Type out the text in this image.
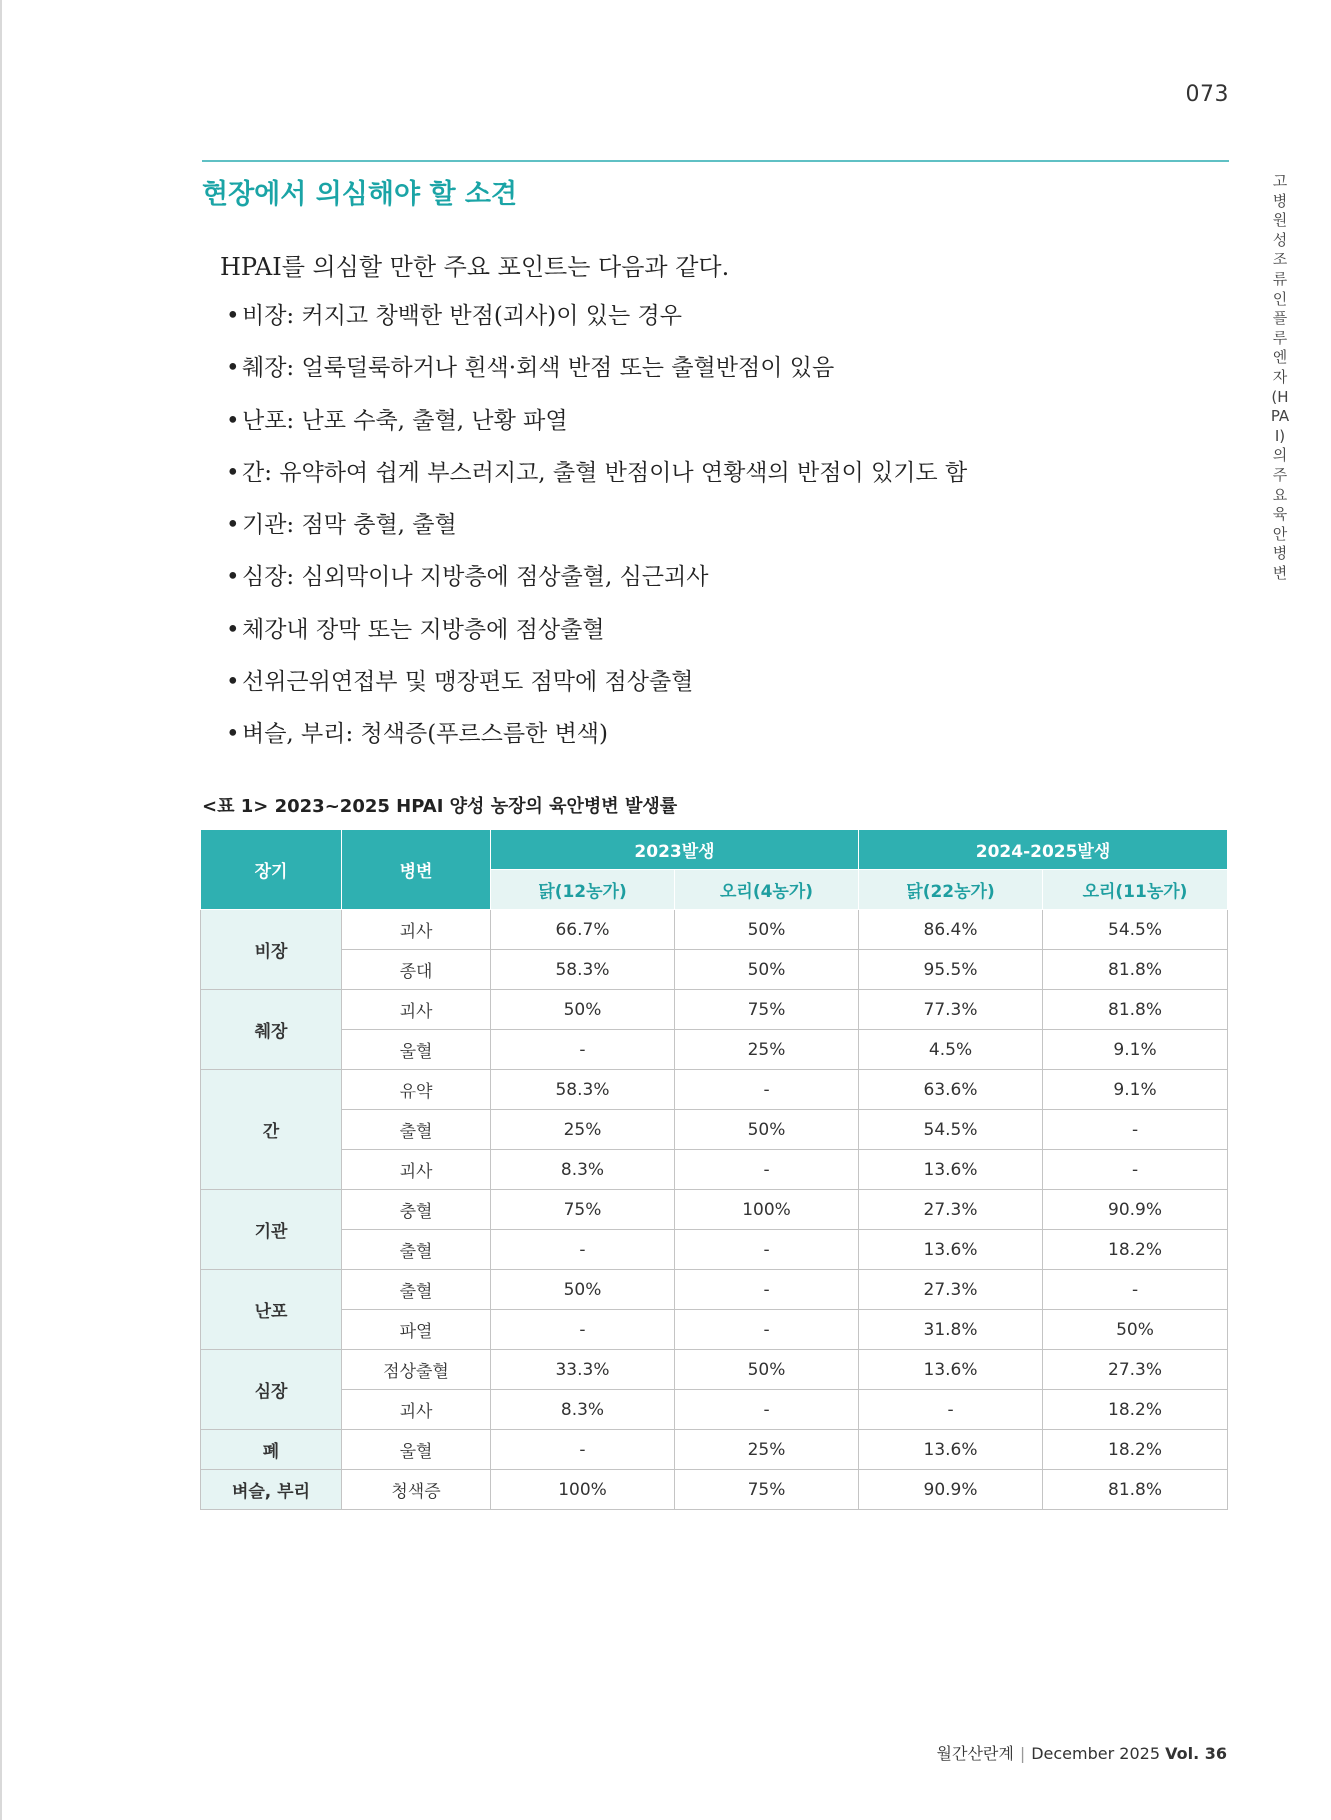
073
고병원성 조류인플루엔자(HPAI)의 주요 육안 병변
현장에서 의심해야 할 소견

HPAI를 의심할 만한 주요 포인트는 다음과 같다.

• 비장: 커지고 창백한 반점(괴사)이 있는 경우
• 췌장: 얼룩덜룩하거나 흰색·회색 반점 또는 출혈반점이 있음
• 난포: 난포 수축, 출혈, 난황 파열
• 간: 유약하여 쉽게 부스러지고, 출혈 반점이나 연황색의 반점이 있기도 함
• 기관: 점막 충혈, 출혈
• 심장: 심외막이나 지방층에 점상출혈, 심근괴사
• 체강내 장막 또는 지방층에 점상출혈
• 선위근위연접부 및 맹장편도 점막에 점상출혈
• 벼슬, 부리: 청색증(푸르스름한 변색)

<표 1> 2023~2025 HPAI 양성 농장의 육안병변 발생률

장기	병변	2023발생		2024-2025발생	
		닭(12농가)	오리(4농가)	닭(22농가)	오리(11농가)
비장	괴사	66.7%	50%	86.4%	54.5%
	종대	58.3%	50%	95.5%	81.8%
췌장	괴사	50%	75%	77.3%	81.8%
	울혈	-	25%	4.5%	9.1%
간	유약	58.3%	-	63.6%	9.1%
	출혈	25%	50%	54.5%	-
	괴사	8.3%	-	13.6%	-
기관	충혈	75%	100%	27.3%	90.9%
	출혈	-	-	13.6%	18.2%
난포	출혈	50%	-	27.3%	-
	파열	-	-	31.8%	50%
심장	점상출혈	33.3%	50%	13.6%	27.3%
	괴사	8.3%	-	-	18.2%
폐	울혈	-	25%	13.6%	18.2%
벼슬, 부리	청색증	100%	75%	90.9%	81.8%
월간산란계 | December 2025 Vol. 36
